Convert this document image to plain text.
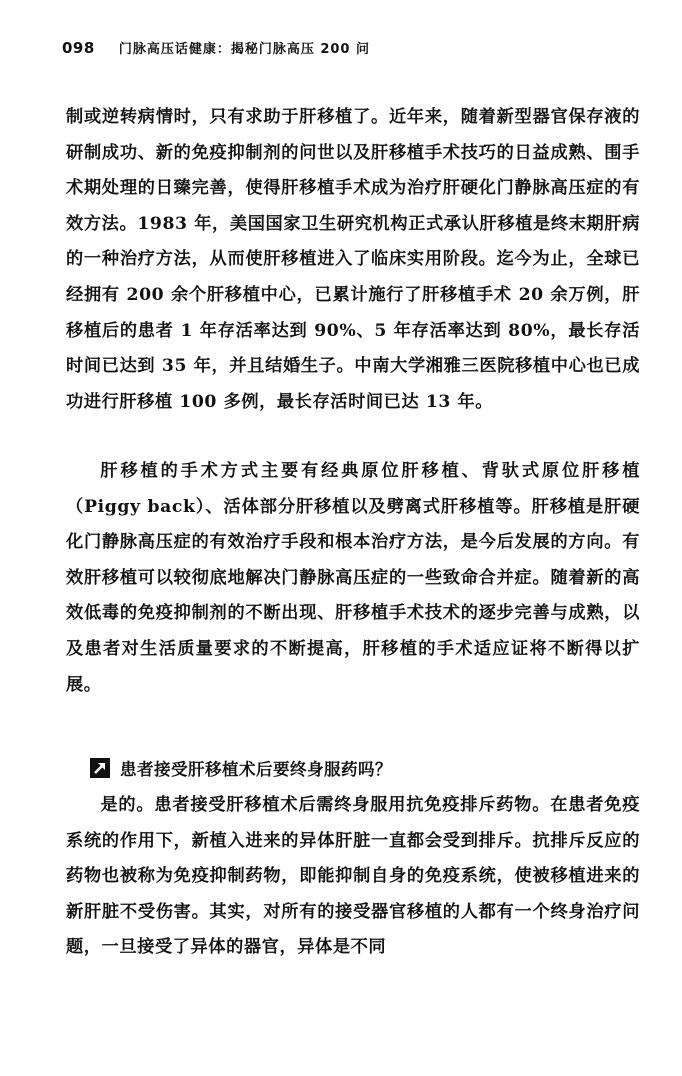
098 门脉高压话健康：揭秘门脉高压 200 问

制或逆转病情时，只有求助于肝移植了。近年来，随着新型器官保存液的研制成功、新的免疫抑制剂的问世以及肝移植手术技巧的日益成熟、围手术期处理的日臻完善，使得肝移植手术成为治疗肝硬化门静脉高压症的有效方法。1983 年，美国国家卫生研究机构正式承认肝移植是终末期肝病的一种治疗方法，从而使肝移植进入了临床实用阶段。迄今为止，全球已经拥有 200 余个肝移植中心，已累计施行了肝移植手术 20 余万例，肝移植后的患者 1 年存活率达到 90%、5 年存活率达到 80%，最长存活时间已达到 35 年，并且结婚生子。中南大学湘雅三医院移植中心也已成功进行肝移植 100 多例，最长存活时间已达 13 年。

肝移植的手术方式主要有经典原位肝移植、背驮式原位肝移植（Piggy back）、活体部分肝移植以及劈离式肝移植等。肝移植是肝硬化门静脉高压症的有效治疗手段和根本治疗方法，是今后发展的方向。有效肝移植可以较彻底地解决门静脉高压症的一些致命合并症。随着新的高效低毒的免疫抑制剂的不断出现、肝移植手术技术的逐步完善与成熟，以及患者对生活质量要求的不断提高，肝移植的手术适应证将不断得以扩展。

患者接受肝移植术后要终身服药吗？

是的。患者接受肝移植术后需终身服用抗免疫排斥药物。在患者免疫系统的作用下，新植入进来的异体肝脏一直都会受到排斥。抗排斥反应的药物也被称为免疫抑制药物，即能抑制自身的免疫系统，使被移植进来的新肝脏不受伤害。其实，对所有的接受器官移植的人都有一个终身治疗问题，一旦接受了异体的器官，异体是不同
